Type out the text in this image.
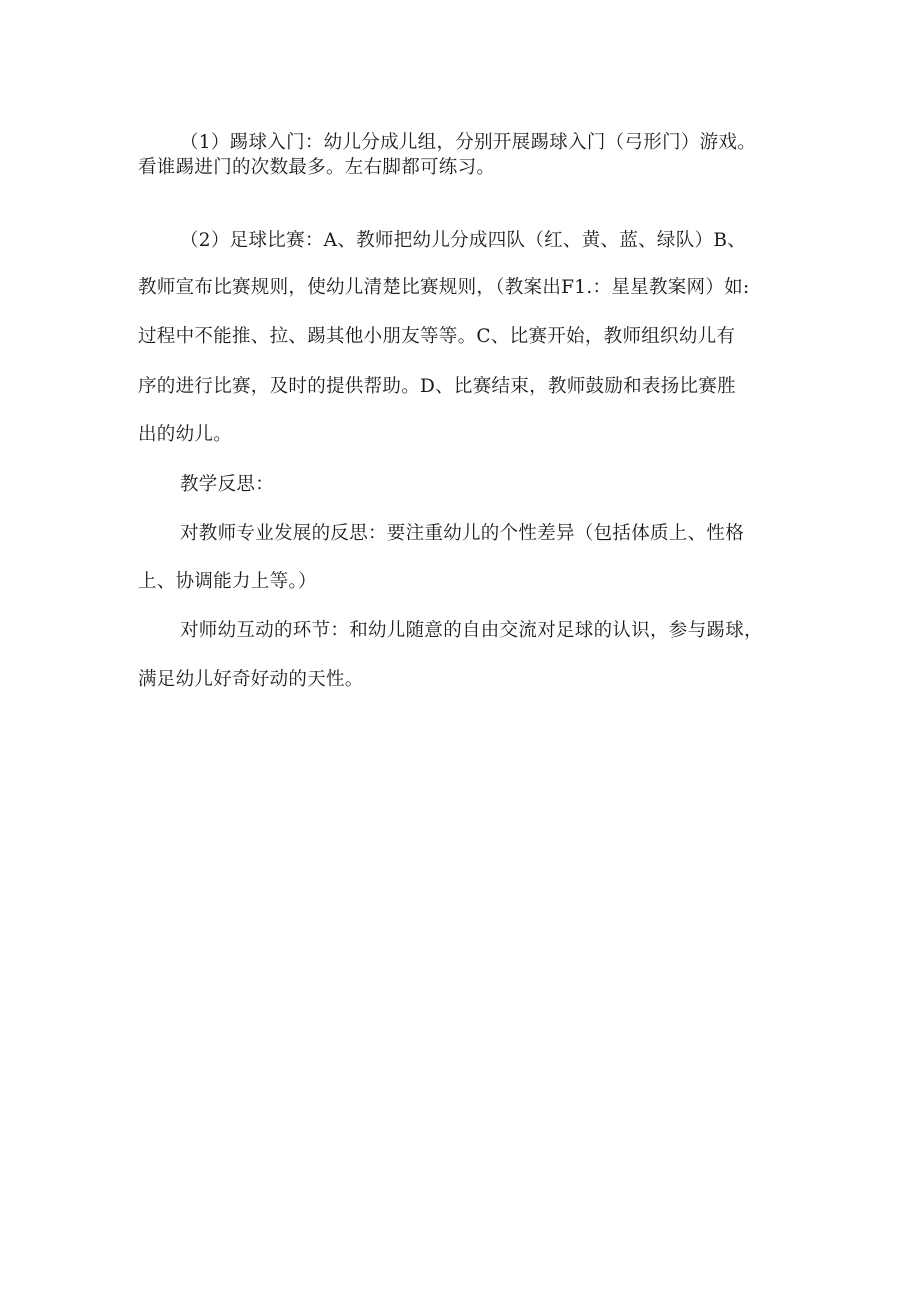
（1）踢球入门：幼儿分成儿组，分别开展踢球入门（弓形门）游戏。
看谁踢进门的次数最多。左右脚都可练习。
（2）足球比赛：A、教师把幼儿分成四队（红、黄、蓝、绿队）B、
教师宣布比赛规则，使幼儿清楚比赛规则，（教案出F1.：星星教案网）如:
过程中不能推、拉、踢其他小朋友等等。C、比赛开始，教师组织幼儿有
序的进行比赛，及时的提供帮助。D、比赛结束，教师鼓励和表扬比赛胜
出的幼儿。
教学反思：
对教师专业发展的反思：要注重幼儿的个性差异（包括体质上、性格
上、协调能力上等。）
对师幼互动的环节：和幼儿随意的自由交流对足球的认识，参与踢球，
满足幼儿好奇好动的天性。
